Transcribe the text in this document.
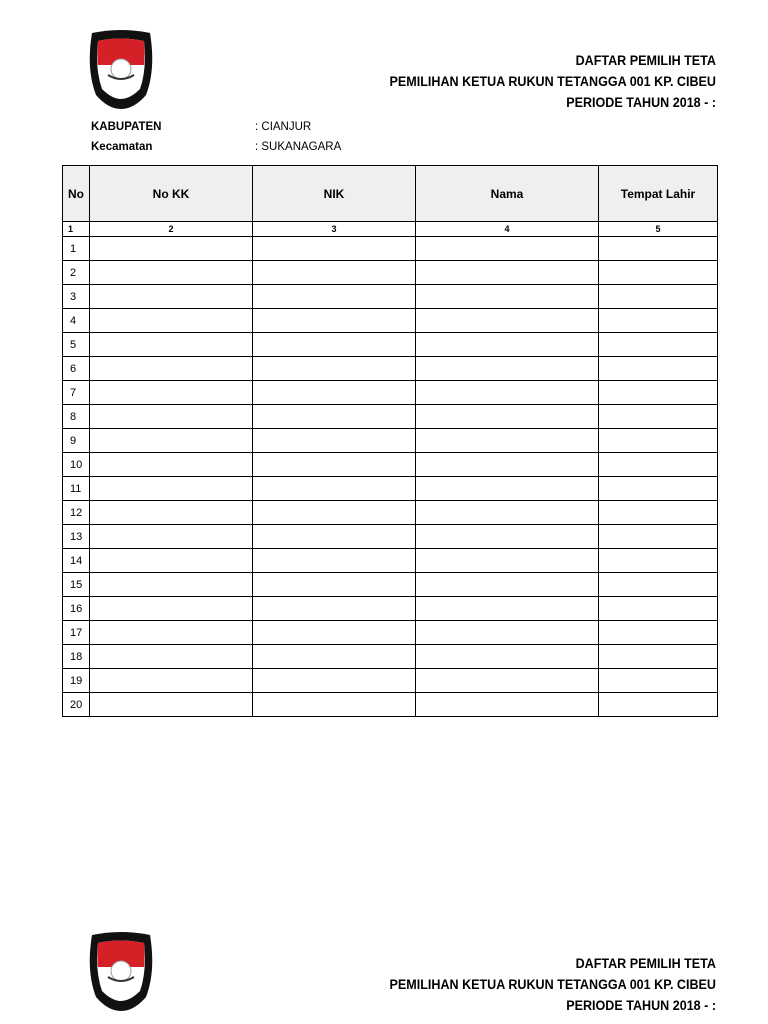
DAFTAR PEMILIH TETA
PEMILIHAN KETUA RUKUN TETANGGA 001 KP. CIBEU
PERIODE TAHUN 2018 - :
KABUPATEN	: CIANJUR
Kecamatan	: SUKANAGARA
No	No KK	NIK	Nama	Tempat Lahir
1	2	3	4	5
1				
2				
3				
4				
5				
6				
7				
8				
9				
10				
11				
12				
13				
14				
15				
16				
17				
18				
19				
20				
DAFTAR PEMILIH TETA
PEMILIHAN KETUA RUKUN TETANGGA 001 KP. CIBEU
PERIODE TAHUN 2018 - :
